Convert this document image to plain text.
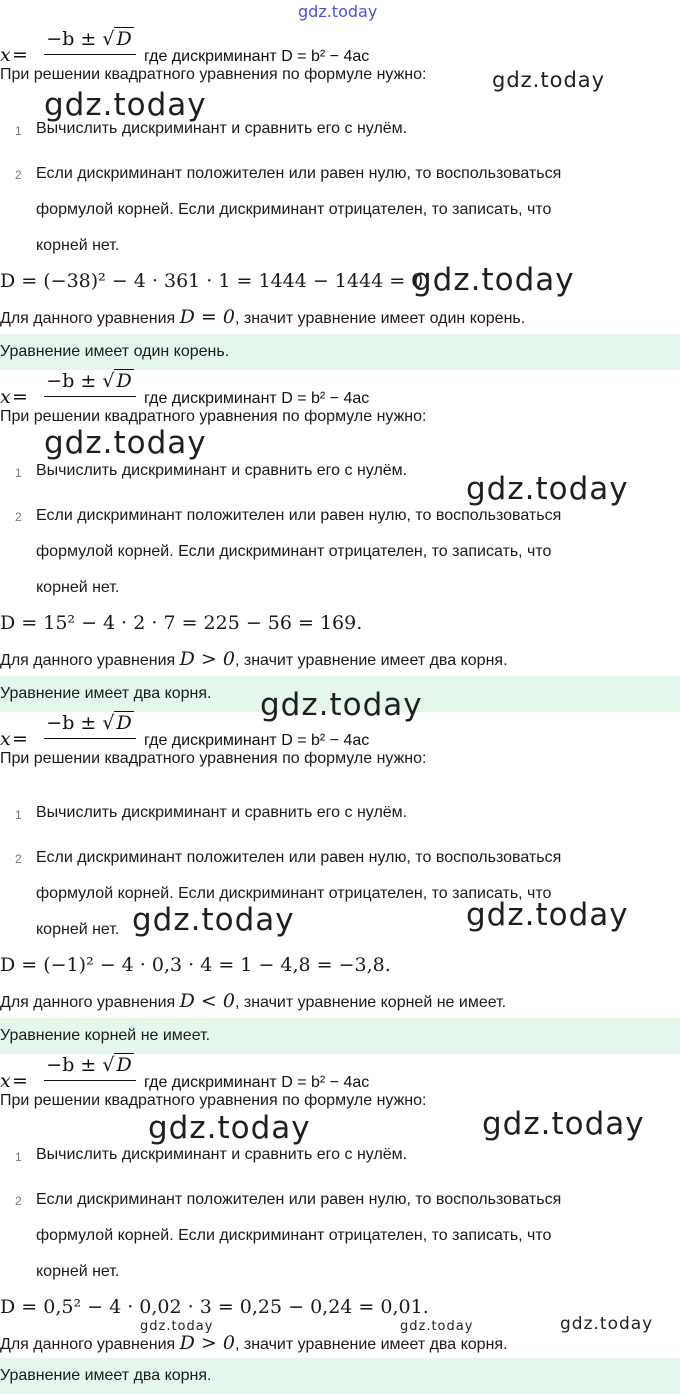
gdz.today
x =
−b ± √ D
где дискриминант D = b² − 4ac
При решении квадратного уравнения по формуле нужно:
1 Вычислить дискриминант и сравнить его с нулём.
2 Если дискриминант положителен или равен нулю, то воспользоваться
формулой корней. Если дискриминант отрицателен, то записать, что
корней нет.
D = (−38)² − 4 · 361 · 1 = 1444 − 1444 = 0.
Для данного уравнения D = 0, значит уравнение имеет один корень.
Уравнение имеет один корень.
x =
−b ± √ D
где дискриминант D = b² − 4ac
При решении квадратного уравнения по формуле нужно:
1 Вычислить дискриминант и сравнить его с нулём.
2 Если дискриминант положителен или равен нулю, то воспользоваться
формулой корней. Если дискриминант отрицателен, то записать, что
корней нет.
D = 15² − 4 · 2 · 7 = 225 − 56 = 169.
Для данного уравнения D > 0, значит уравнение имеет два корня.
Уравнение имеет два корня.
x =
−b ± √ D
где дискриминант D = b² − 4ac
При решении квадратного уравнения по формуле нужно:
1 Вычислить дискриминант и сравнить его с нулём.
2 Если дискриминант положителен или равен нулю, то воспользоваться
формулой корней. Если дискриминант отрицателен, то записать, что
корней нет.
D = (−1)² − 4 · 0,3 · 4 = 1 − 4,8 = −3,8.
Для данного уравнения D < 0, значит уравнение корней не имеет.
Уравнение корней не имеет.
x =
−b ± √ D
где дискриминант D = b² − 4ac
При решении квадратного уравнения по формуле нужно:
1 Вычислить дискриминант и сравнить его с нулём.
2 Если дискриминант положителен или равен нулю, то воспользоваться
формулой корней. Если дискриминант отрицателен, то записать, что
корней нет.
D = 0,5² − 4 · 0,02 · 3 = 0,25 − 0,24 = 0,01.
Для данного уравнения D > 0, значит уравнение имеет два корня.
Уравнение имеет два корня.
gdz.today
gdz.today
gdz.today
gdz.today
gdz.today
gdz.today
gdz.today	gdz.today
gdz.today	gdz.today
gdz.today	gdz.today	gdz.today
